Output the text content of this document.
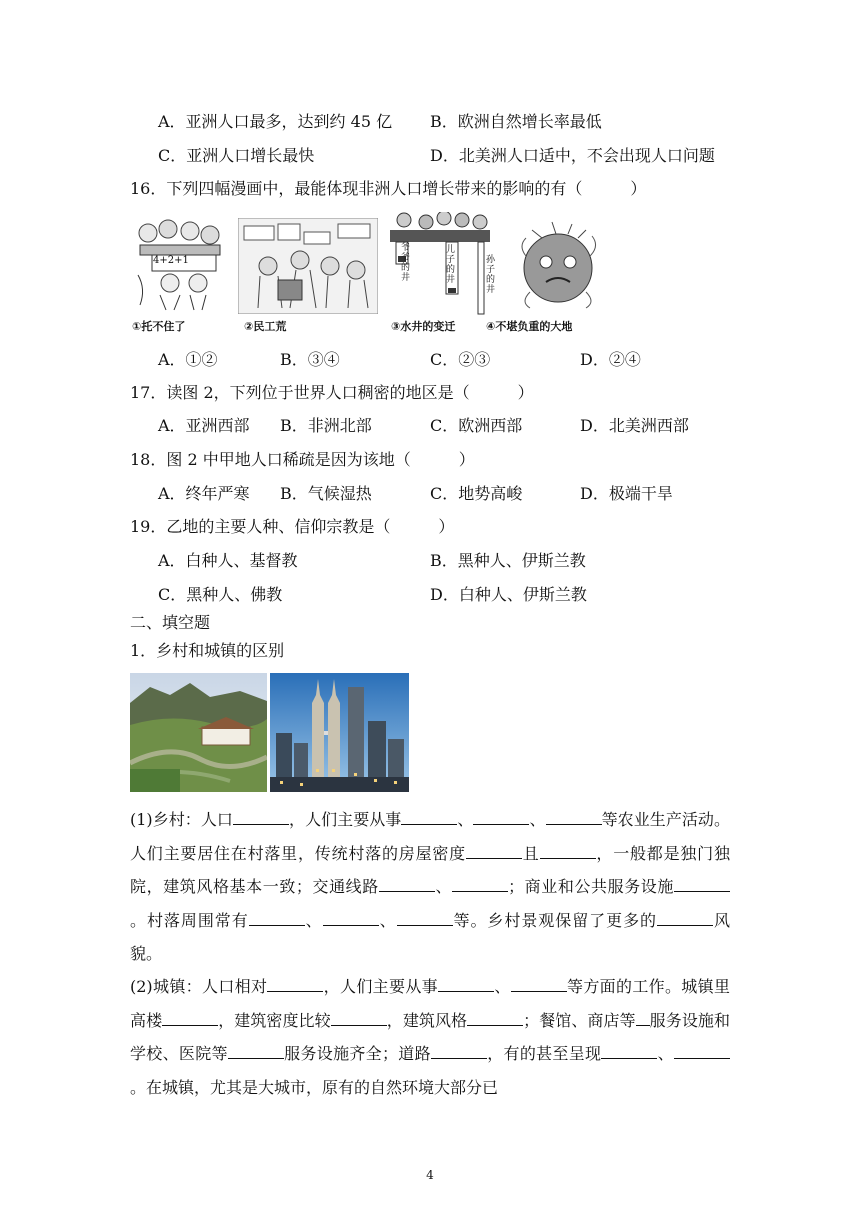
A．亚洲人口最多，达到约 45 亿 B．欧洲自然增长率最低
C．亚洲人口增长最快	D．北美洲人口适中，不会出现人口问题
16．下列四幅漫画中，最能体现非洲人口增长带来的影响的有（　　　）
4+2+1
爷爷的井
儿子的井
孙子的井
①托不住了	②民工荒	③水井的变迁	④不堪负重的大地
A．①②	B．③④	C．②③	D．②④
17．读图 2，下列位于世界人口稠密的地区是（　　　）
A．亚洲西部 B．非洲北部	C．欧洲西部	D．北美洲西部
18．图 2 中甲地人口稀疏是因为该地（　　　）
A．终年严寒 B．气候湿热	C．地势高峻	D．极端干旱
19．乙地的主要人种、信仰宗教是（　　　）
A．白种人、基督教	B．黑种人、伊斯兰教
C．黑种人、佛教	D．白种人、伊斯兰教
二、填空题
1．乡村和城镇的区别
(1)乡村：人口	，人们主要从事	、	、	等农业生产活动。人们主要居住在村落里，传统村落的房屋密度	且	，一般都是独门独院，建筑风格基本一致；交通线路	、	；商业和公共服务设施。村落周围常有	、	、	等。乡村景观保留了更多的	风貌。
(2)城镇：人口相对	，人们主要从事	、	等方面的工作。城镇里高楼	，建筑密度比较	，建筑风格	；餐馆、商店等 服务设施和学校、医院等	服务设施齐全；道路	，有的甚至呈现	、。在城镇，尤其是大城市，原有的自然环境大部分已
4
